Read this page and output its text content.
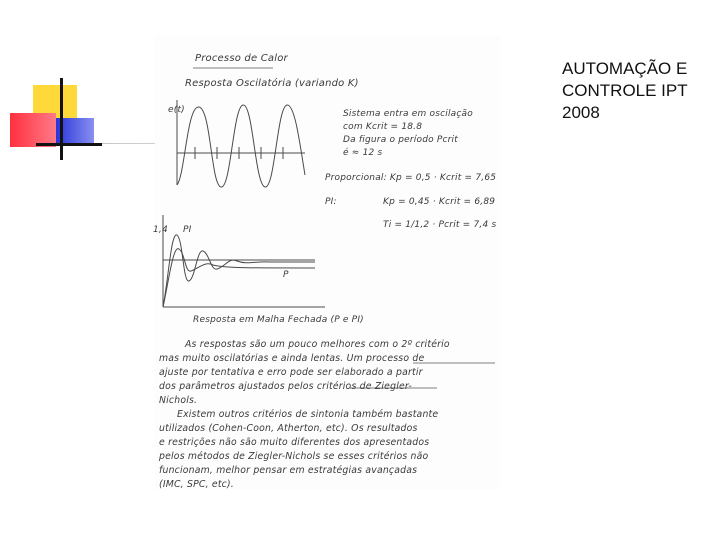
AUTOMAÇÃO E
CONTROLE IPT
2008
Processo de Calor
Resposta Oscilatória (variando K)
e(t)	Sistema entra em oscilação
com Kcrit = 18.8
Da figura o período Pcrit
é ≈ 12 s
Proporcional: Kp = 0,5 · Kcrit = 7,65
PI:	Kp = 0,45 · Kcrit = 6,89
Ti = 1/1,2 · Pcrit = 7,4 s
1,4 PI
P
Resposta em Malha Fechada (P e PI)
As respostas são um pouco melhores com o 2º critério
mas muito oscilatórias e ainda lentas. Um processo de
ajuste por tentativa e erro pode ser elaborado a partir
dos parâmetros ajustados pelos critérios de Ziegler-
Nichols.
Existem outros critérios de sintonia também bastante
utilizados (Cohen-Coon, Atherton, etc). Os resultados
e restrições não são muito diferentes dos apresentados
pelos métodos de Ziegler-Nichols se esses critérios não
funcionam, melhor pensar em estratégias avançadas
(IMC, SPC, etc).
